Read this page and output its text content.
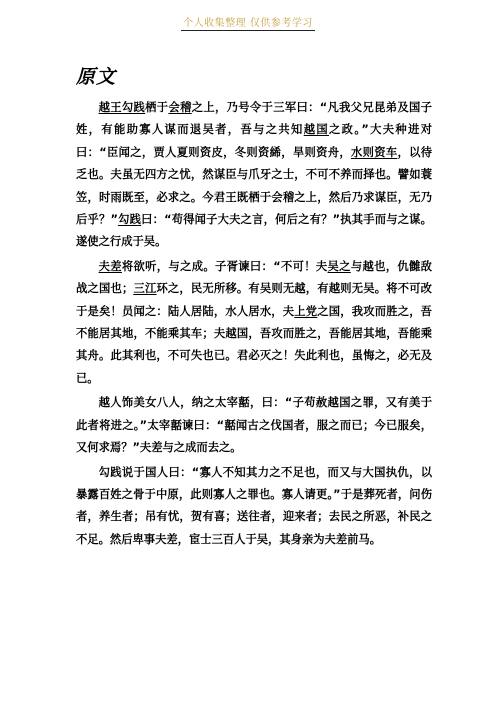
个人收集整理 仅供参考学习
原文

越王勾践栖于会稽之上，乃号令于三军曰：“凡我父兄昆弟及国子姓，有能助寡人谋而退吴者，吾与之共知越国之政。”大夫种进对曰：“臣闻之，贾人夏则资皮，冬则资絺，旱则资舟，水则资车，以待乏也。夫虽无四方之忧，然谋臣与爪牙之士，不可不养而择也。譬如蓑笠，时雨既至，必求之。今君王既栖于会稽之上，然后乃求谋臣，无乃后乎？”勾践曰：“苟得闻子大夫之言，何后之有？”执其手而与之谋。遂使之行成于吴。

夫差将欲听，与之成。子胥谏曰：“不可！夫吴之与越也，仇雠敌战之国也；三江环之，民无所移。有吴则无越，有越则无吴。将不可改于是矣！员闻之：陆人居陆，水人居水，夫上党之国，我攻而胜之，吾不能居其地，不能乘其车；夫越国，吾攻而胜之，吾能居其地，吾能乘其舟。此其利也，不可失也已。君必灭之！失此利也，虽悔之，必无及已。

越人饰美女八人，纳之太宰嚭，曰：“子苟赦越国之罪，又有美于此者将进之。”太宰嚭谏曰：“嚭闻古之伐国者，服之而已；今已服矣，又何求焉？”夫差与之成而去之。

勾践说于国人曰：“寡人不知其力之不足也，而又与大国执仇，以暴露百姓之骨于中原，此则寡人之罪也。寡人请更。”于是葬死者，问伤者，养生者；吊有忧，贺有喜；送往者，迎来者；去民之所恶，补民之不足。然后卑事夫差，宦士三百人于吴，其身亲为夫差前马。
